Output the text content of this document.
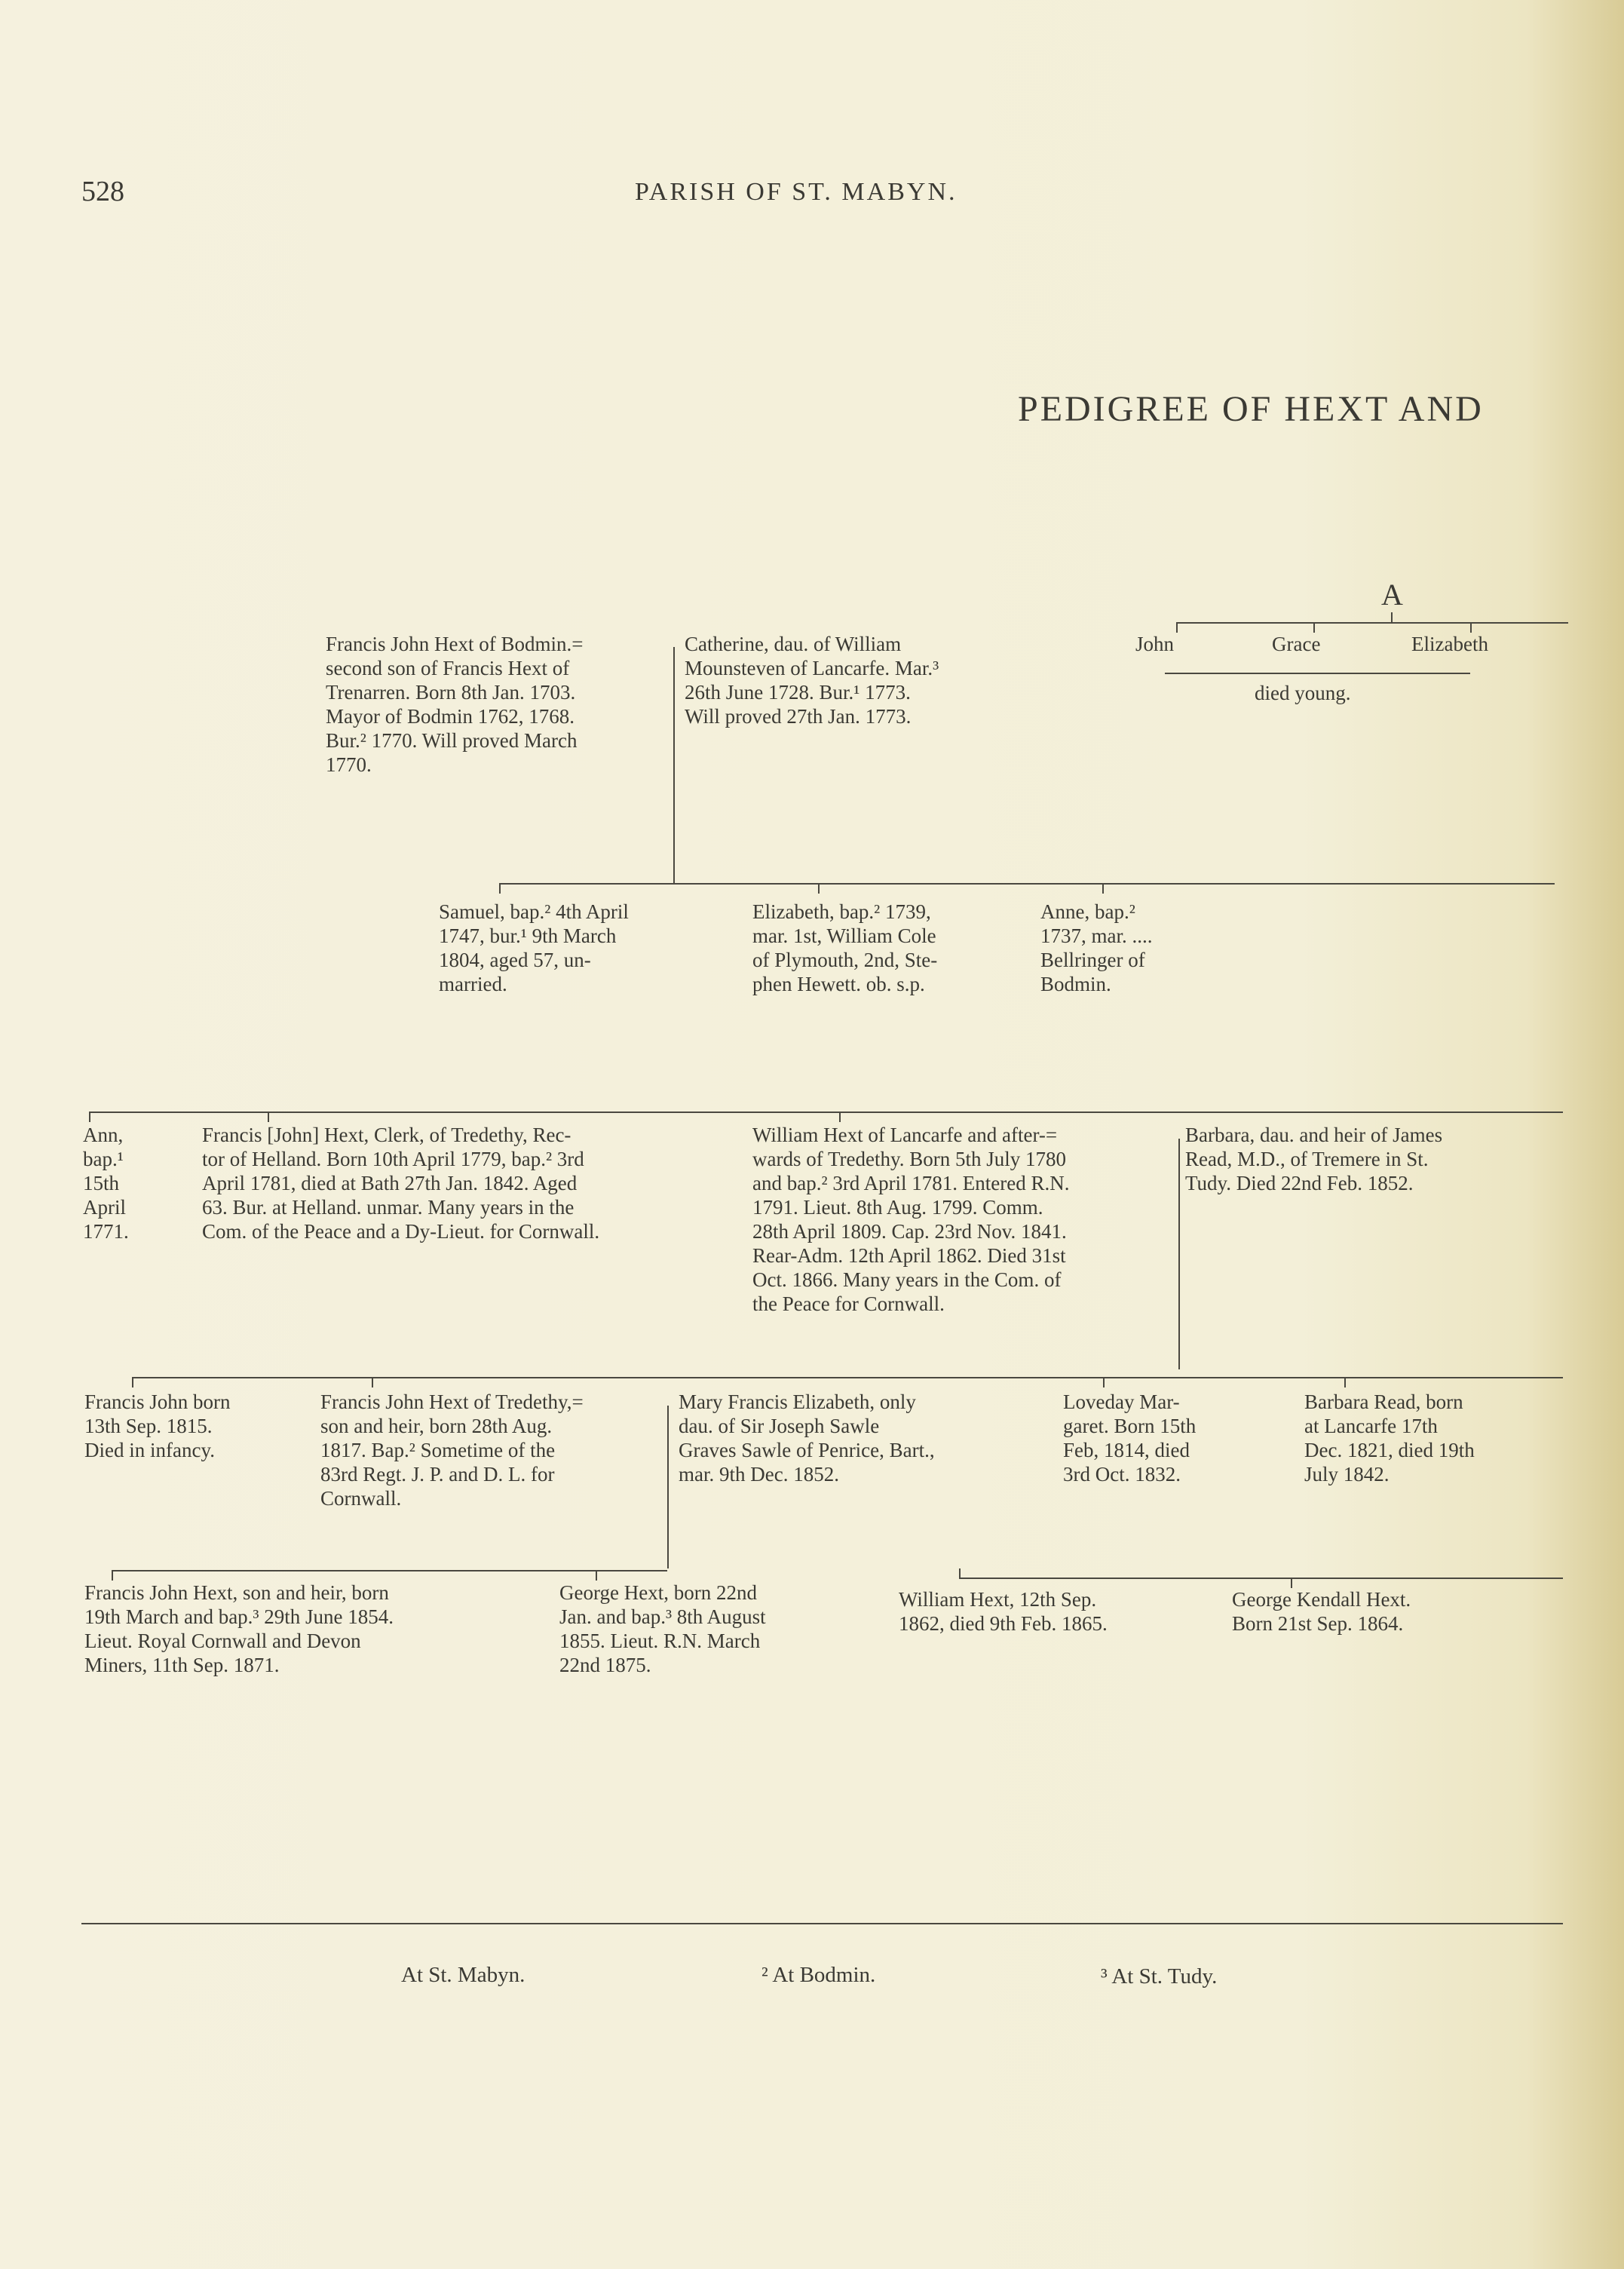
528	PARISH OF ST. MABYN.
PEDIGREE OF HEXT AND
A
John	Grace	Elizabeth
died young.
Francis John Hext of Bodmin.=
second son of Francis Hext of
Trenarren. Born 8th Jan. 1703.
Mayor of Bodmin 1762, 1768.
Bur.² 1770. Will proved March
1770.
Catherine, dau. of William
Mounsteven of Lancarfe. Mar.³
26th June 1728. Bur.¹ 1773.
Will proved 27th Jan. 1773.
Samuel, bap.² 4th April
1747, bur.¹ 9th March
1804, aged 57, un-
married.
Elizabeth, bap.² 1739,
mar. 1st, William Cole
of Plymouth, 2nd, Ste-
phen Hewett. ob. s.p.
Anne, bap.²
1737, mar. ....
Bellringer of
Bodmin.
Ann,
bap.¹
15th
April
1771.
Francis [John] Hext, Clerk, of Tredethy, Rec-
tor of Helland. Born 10th April 1779, bap.² 3rd
April 1781, died at Bath 27th Jan. 1842. Aged
63. Bur. at Helland. unmar. Many years in the
Com. of the Peace and a Dy-Lieut. for Cornwall.
William Hext of Lancarfe and after-=
wards of Tredethy. Born 5th July 1780
and bap.² 3rd April 1781. Entered R.N.
1791. Lieut. 8th Aug. 1799. Comm.
28th April 1809. Cap. 23rd Nov. 1841.
Rear-Adm. 12th April 1862. Died 31st
Oct. 1866. Many years in the Com. of
the Peace for Cornwall.
Barbara, dau. and heir of James
Read, M.D., of Tremere in St.
Tudy. Died 22nd Feb. 1852.
Francis John born
13th Sep. 1815.
Died in infancy.
Francis John Hext of Tredethy,=
son and heir, born 28th Aug.
1817. Bap.² Sometime of the
83rd Regt. J. P. and D. L. for
Cornwall.
Mary Francis Elizabeth, only
dau. of Sir Joseph Sawle
Graves Sawle of Penrice, Bart.,
mar. 9th Dec. 1852.
Loveday Mar-
garet. Born 15th
Feb, 1814, died
3rd Oct. 1832.
Barbara Read, born
at Lancarfe 17th
Dec. 1821, died 19th
July 1842.
Francis John Hext, son and heir, born
19th March and bap.³ 29th June 1854.
Lieut. Royal Cornwall and Devon
Miners, 11th Sep. 1871.
George Hext, born 22nd
Jan. and bap.³ 8th August
1855. Lieut. R.N. March
22nd 1875.
William Hext, 12th Sep.
1862, died 9th Feb. 1865.
George Kendall Hext.
Born 21st Sep. 1864.
At St. Mabyn.	² At Bodmin.	³ At St. Tudy.
